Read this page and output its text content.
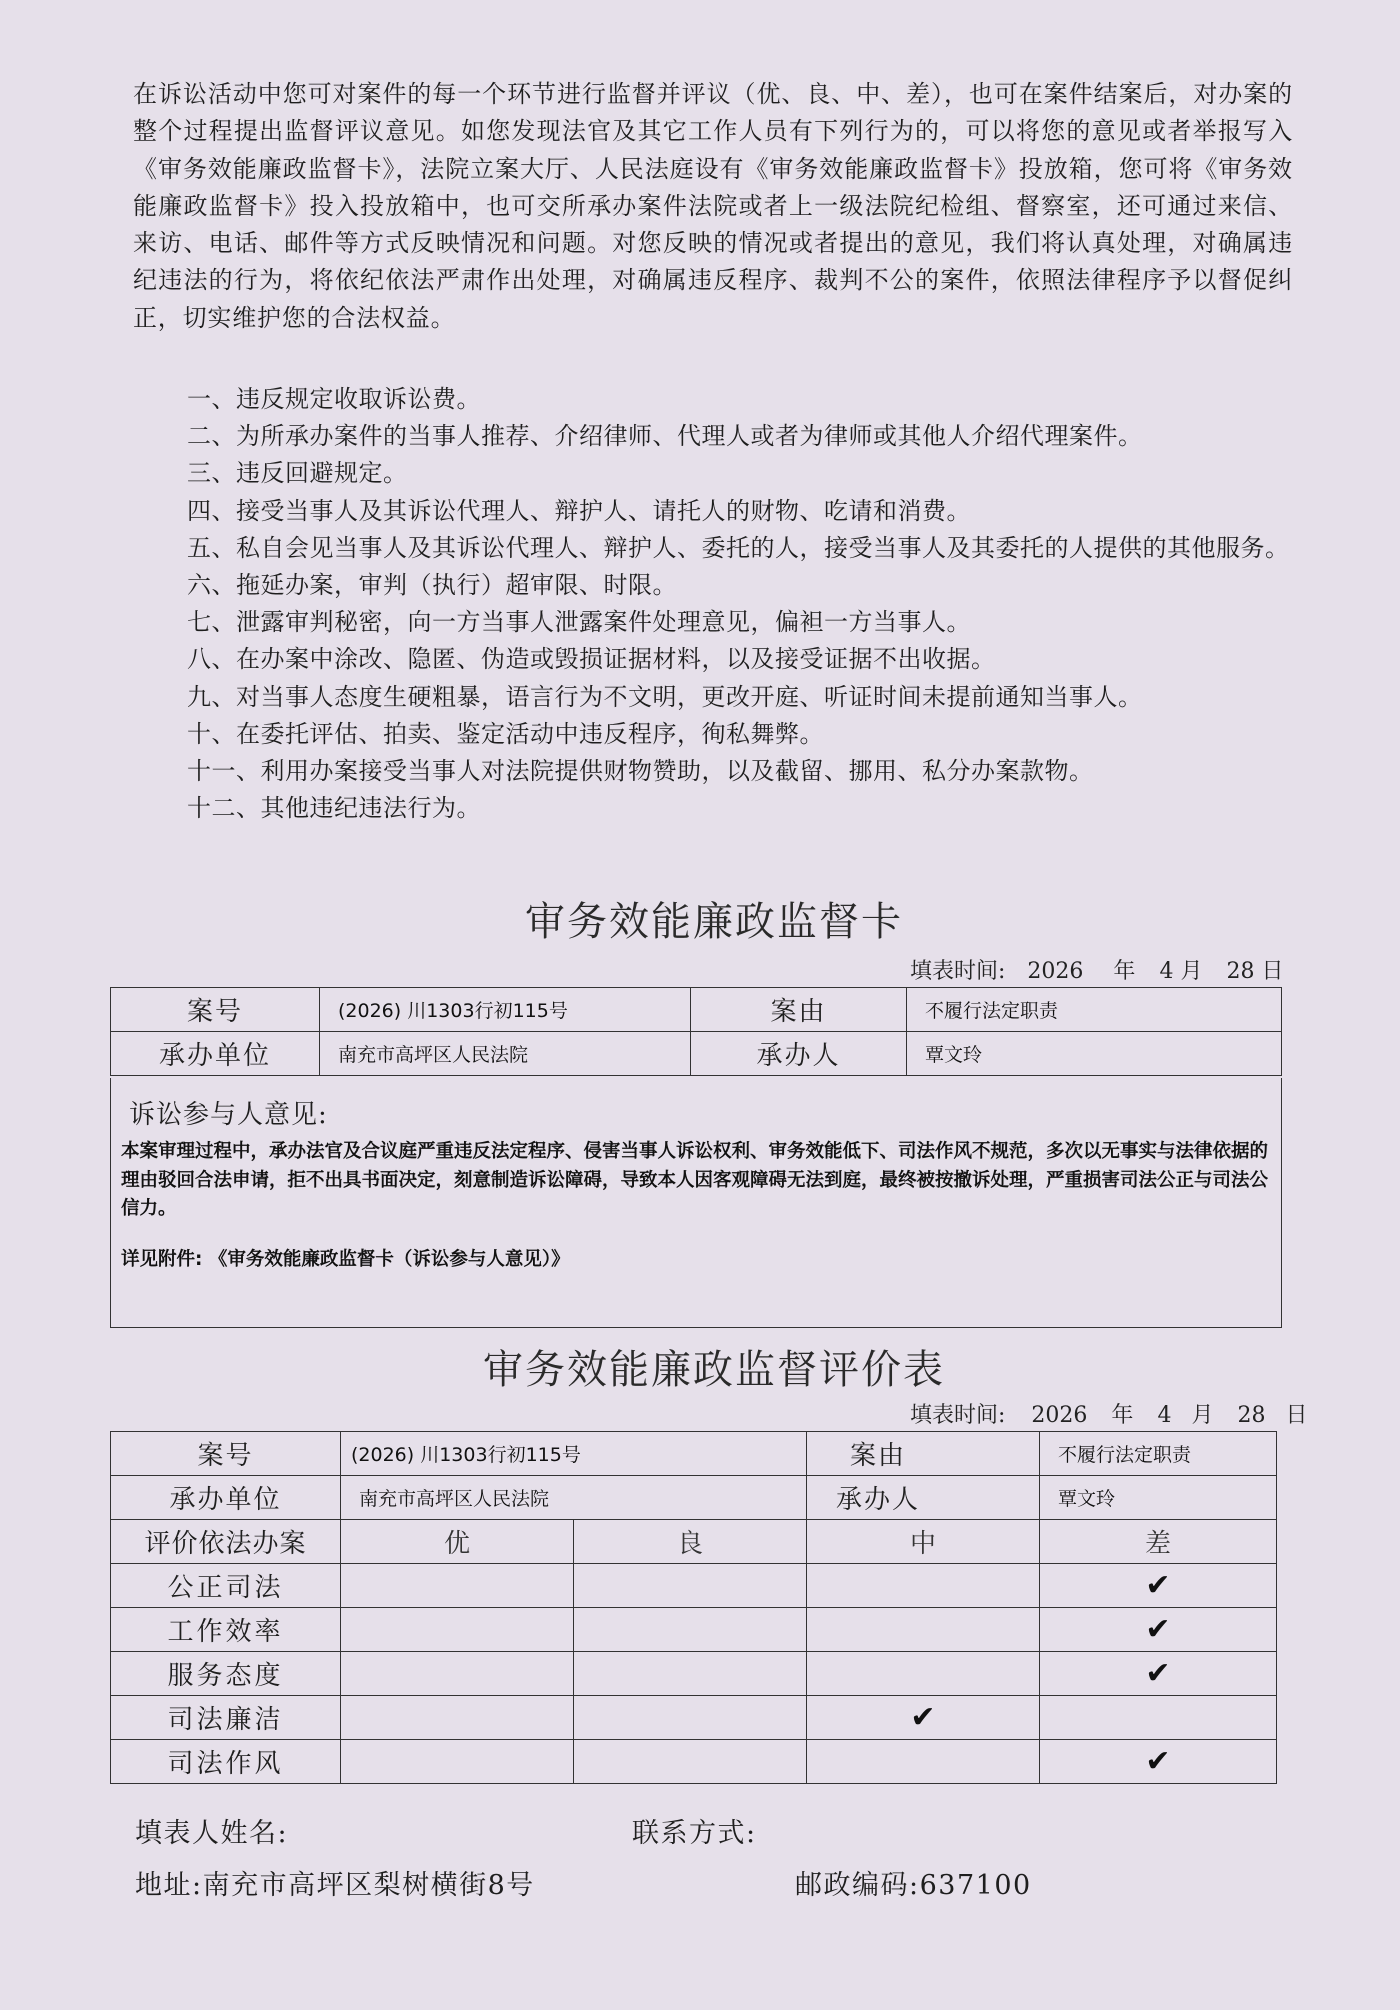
在诉讼活动中您可对案件的每一个环节进行监督并评议（优、良、中、差），也可在案件结案后，对办案的整个过程提出监督评议意见。如您发现法官及其它工作人员有下列行为的，可以将您的意见或者举报写入《审务效能廉政监督卡》，法院立案大厅、人民法庭设有《审务效能廉政监督卡》投放箱，您可将《审务效能廉政监督卡》投入投放箱中，也可交所承办案件法院或者上一级法院纪检组、督察室，还可通过来信、来访、电话、邮件等方式反映情况和问题。对您反映的情况或者提出的意见，我们将认真处理，对确属违纪违法的行为，将依纪依法严肃作出处理，对确属违反程序、裁判不公的案件，依照法律程序予以督促纠正，切实维护您的合法权益。

一、违反规定收取诉讼费。
二、为所承办案件的当事人推荐、介绍律师、代理人或者为律师或其他人介绍代理案件。
三、违反回避规定。
四、接受当事人及其诉讼代理人、辩护人、请托人的财物、吃请和消费。
五、私自会见当事人及其诉讼代理人、辩护人、委托的人，接受当事人及其委托的人提供的其他服务。
六、拖延办案，审判（执行）超审限、时限。
七、泄露审判秘密，向一方当事人泄露案件处理意见，偏袒一方当事人。
八、在办案中涂改、隐匿、伪造或毁损证据材料，以及接受证据不出收据。
九、对当事人态度生硬粗暴，语言行为不文明，更改开庭、听证时间未提前通知当事人。
十、在委托评估、拍卖、鉴定活动中违反程序，徇私舞弊。
十一、利用办案接受当事人对法院提供财物赞助，以及截留、挪用、私分办案款物。
十二、其他违纪违法行为。
审务效能廉政监督卡
填表时间: 2026 年 4 月 28 日
案号	(2026) 川1303行初115号	案由	不履行法定职责
承办单位	南充市高坪区人民法院	承办人	覃文玲
诉讼参与人意见:
本案审理过程中，承办法官及合议庭严重违反法定程序、侵害当事人诉讼权利、审务效能低下、司法作风不规范，多次以无事实与法律依据的理由驳回合法申请，拒不出具书面决定，刻意制造诉讼障碍，导致本人因客观障碍无法到庭，最终被按撤诉处理，严重损害司法公正与司法公信力。
详见附件: 《审务效能廉政监督卡（诉讼参与人意见）》
审务效能廉政监督评价表
填表时间: 2026 年 4 月 28 日
案号	(2026) 川1303行初115号		案由	不履行法定职责
承办单位	南充市高坪区人民法院		承办人	覃文玲
评价依法办案	优	良	中	差
公正司法				✔
工作效率				✔
服务态度				✔
司法廉洁			✔	
司法作风				✔
填表人姓名:	联系方式:
地址:南充市高坪区梨树横街8号	邮政编码:637100
